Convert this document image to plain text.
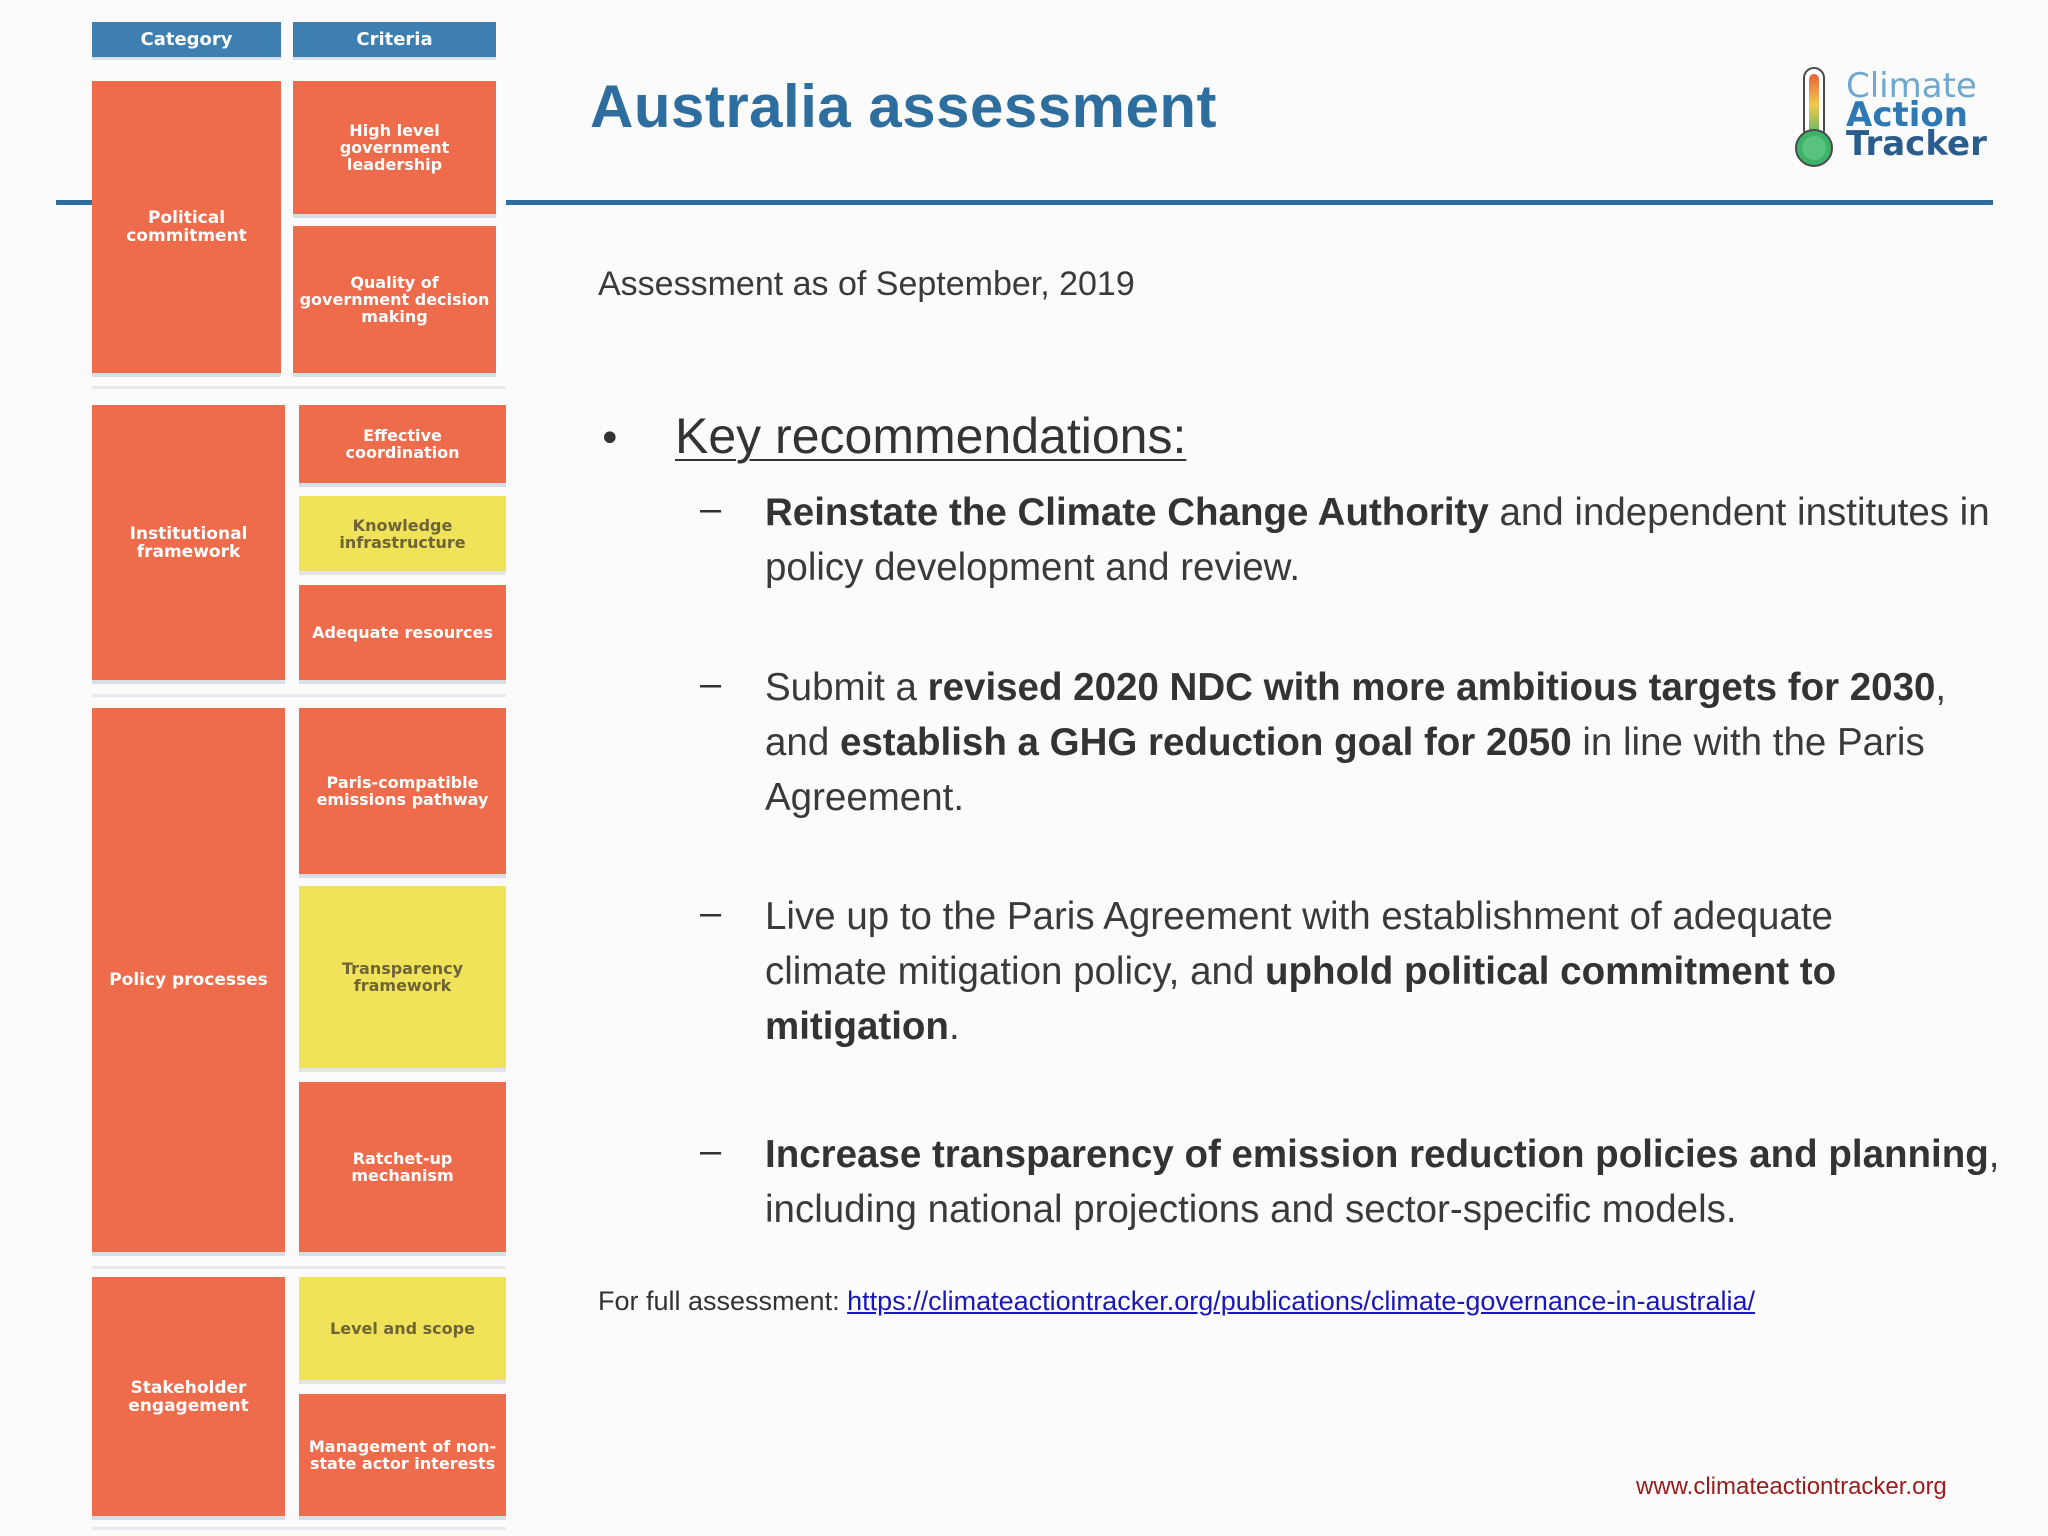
Category	Criteria
Political commitment
Institutional framework
Policy processes
Stakeholder engagement
High level government leadership
Quality of government decision making
Effective coordination
Knowledge infrastructure
Adequate resources
Paris-compatible emissions pathway
Transparency framework
Ratchet-up mechanism
Level and scope
Management of non-state actor interests
Australia assessment	Climate
Action
Tracker
Assessment as of September, 2019
• Key recommendations:
– Reinstate the Climate Change Authority and independent institutes in policy development and review.
– Submit a revised 2020 NDC with more ambitious targets for 2030, and establish a GHG reduction goal for 2050 in line with the Paris Agreement.
– Live up to the Paris Agreement with establishment of adequate climate mitigation policy, and uphold political commitment to mitigation.
– Increase transparency of emission reduction policies and planning, including national projections and sector-specific models.
For full assessment: https://climateactiontracker.org/publications/climate-governance-in-australia/
www.climateactiontracker.org
